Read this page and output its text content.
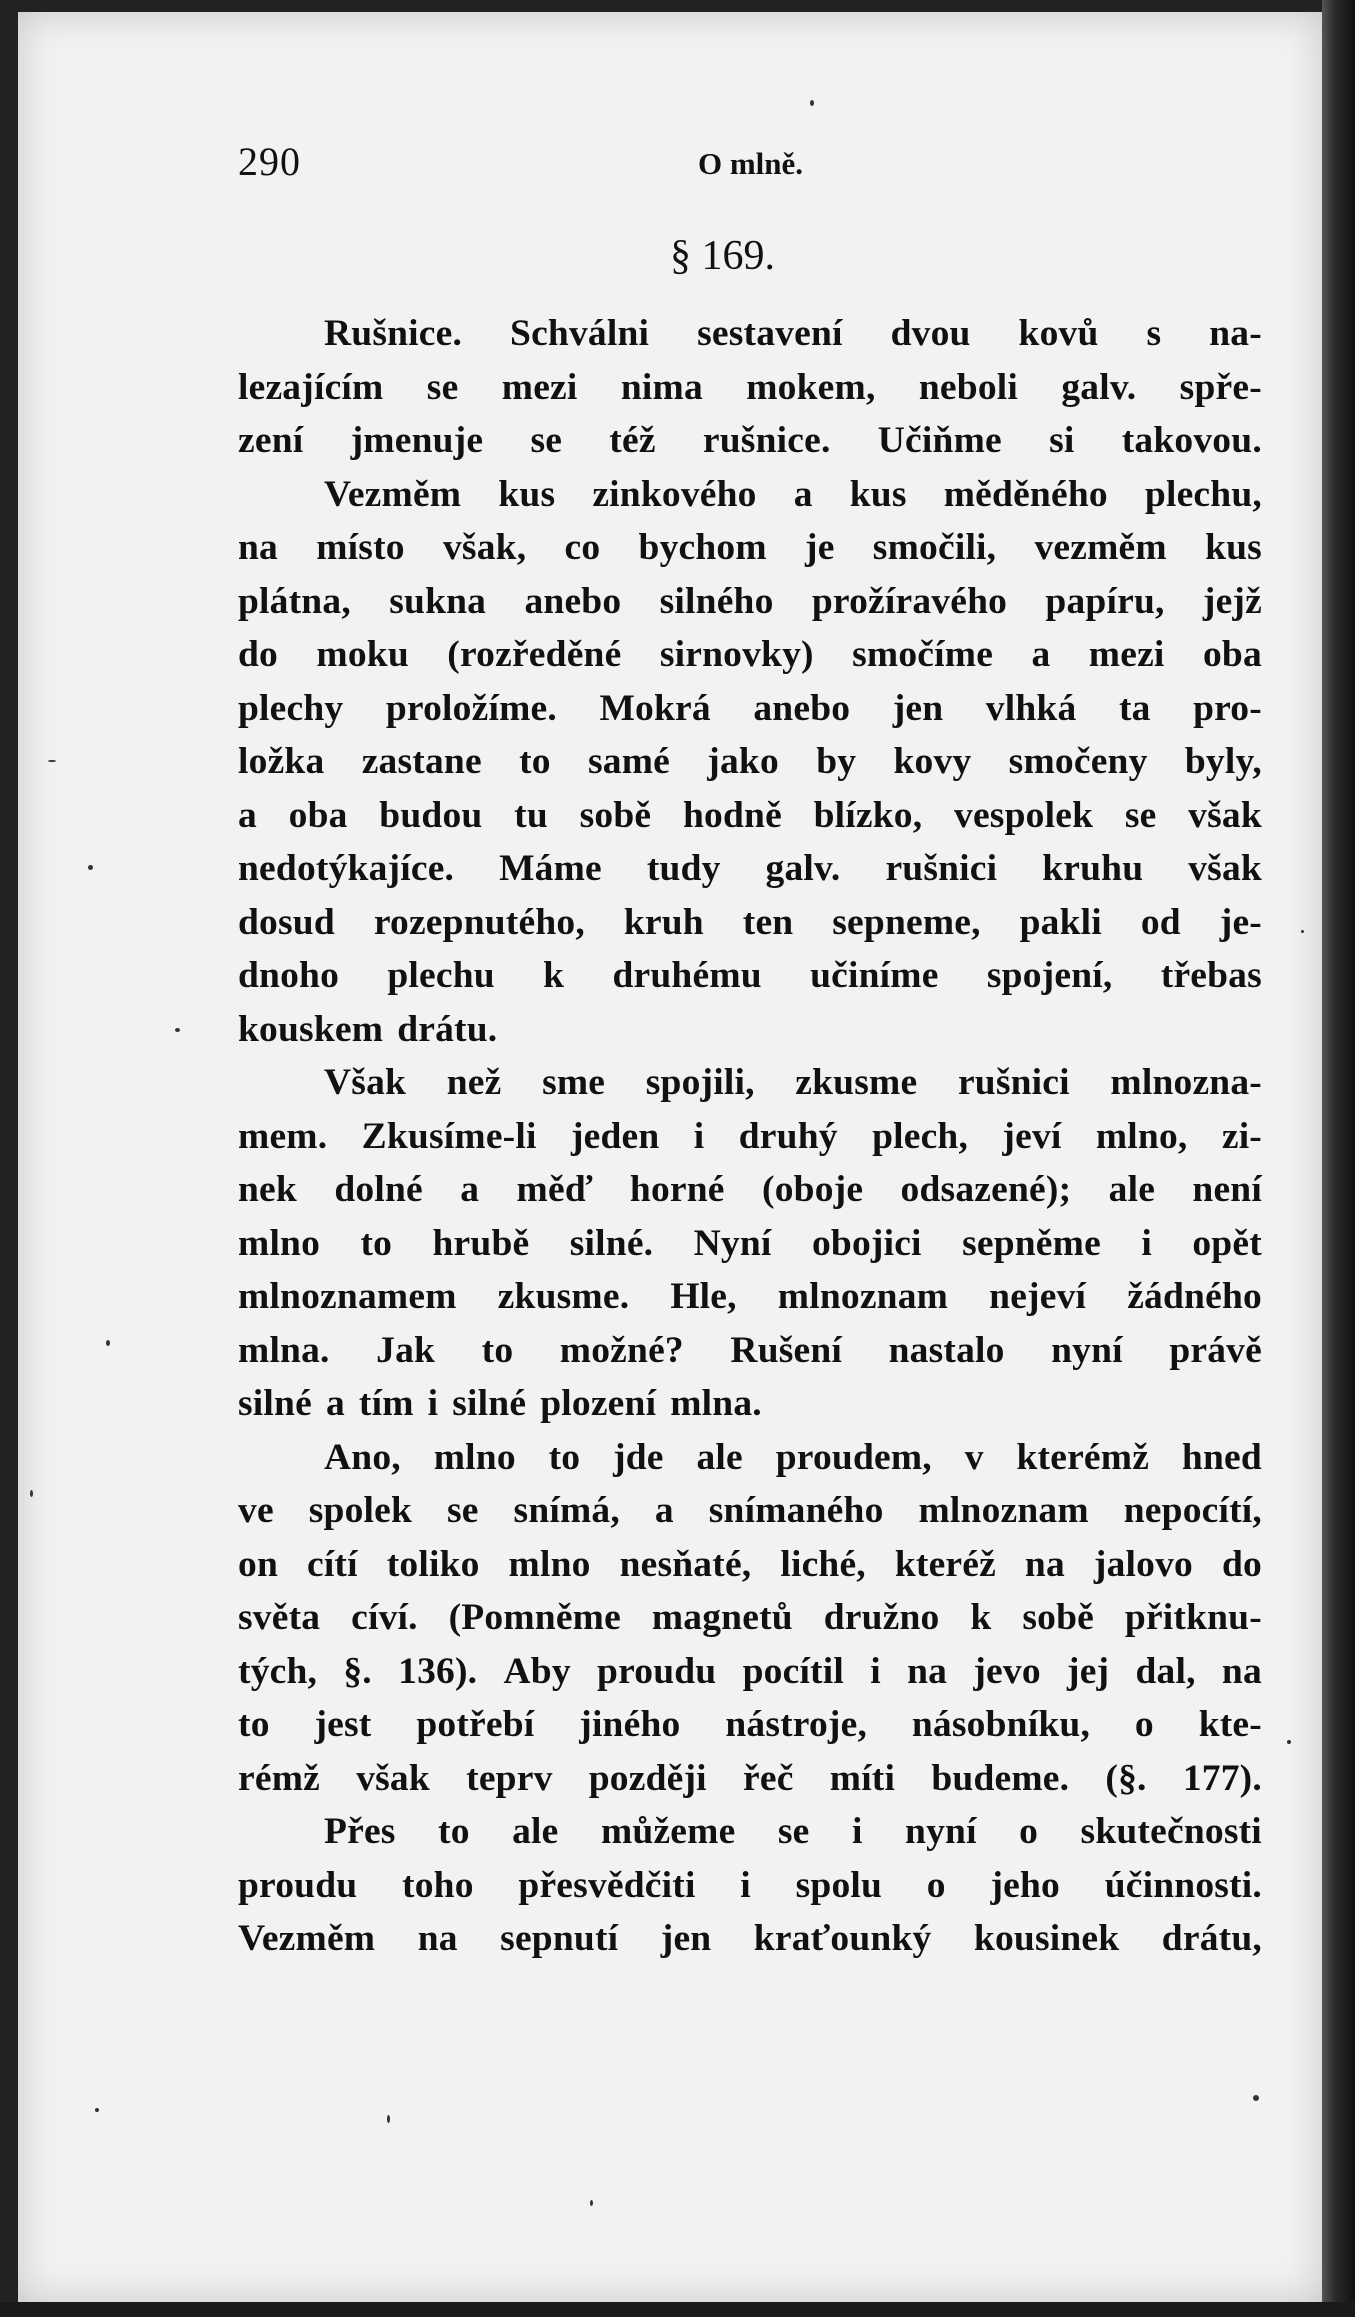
290	O mlně.
§ 169.
Rušnice. Schválni sestavení dvou kovů s na-
lezajícím se mezi nima mokem, neboli galv. spře-
zení jmenuje se též rušnice. Učiňme si takovou.
Vezměm kus zinkového a kus měděného plechu,
na místo však, co bychom je smočili, vezměm kus
plátna, sukna anebo silného prožíravého papíru, jejž
do moku (rozředěné sirnovky) smočíme a mezi oba
plechy proložíme. Mokrá anebo jen vlhká ta pro-
ložka zastane to samé jako by kovy smočeny byly,
a oba budou tu sobě hodně blízko, vespolek se však
nedotýkajíce. Máme tudy galv. rušnici kruhu však
dosud rozepnutého, kruh ten sepneme, pakli od je-
dnoho plechu k druhému učiníme spojení, třebas
kouskem drátu.
Však než sme spojili, zkusme rušnici mlnozna-
mem. Zkusíme-li jeden i druhý plech, jeví mlno, zi-
nek dolné a měď horné (oboje odsazené); ale není
mlno to hrubě silné. Nyní obojici sepněme i opět
mlnoznamem zkusme. Hle, mlnoznam nejeví žádného
mlna. Jak to možné? Rušení nastalo nyní právě
silné a tím i silné plození mlna.
Ano, mlno to jde ale proudem, v kterémž hned
ve spolek se snímá, a snímaného mlnoznam nepocítí,
on cítí toliko mlno nesňaté, liché, kteréž na jalovo do
světa cíví. (Pomněme magnetů družno k sobě přitknu-
tých, §. 136). Aby proudu pocítil i na jevo jej dal, na
to jest potřebí jiného nástroje, násobníku, o kte-
rémž však teprv později řeč míti budeme. (§. 177).
Přes to ale můžeme se i nyní o skutečnosti
proudu toho přesvědčiti i spolu o jeho účinnosti.
Vezměm na sepnutí jen kraťounký kousinek drátu,
